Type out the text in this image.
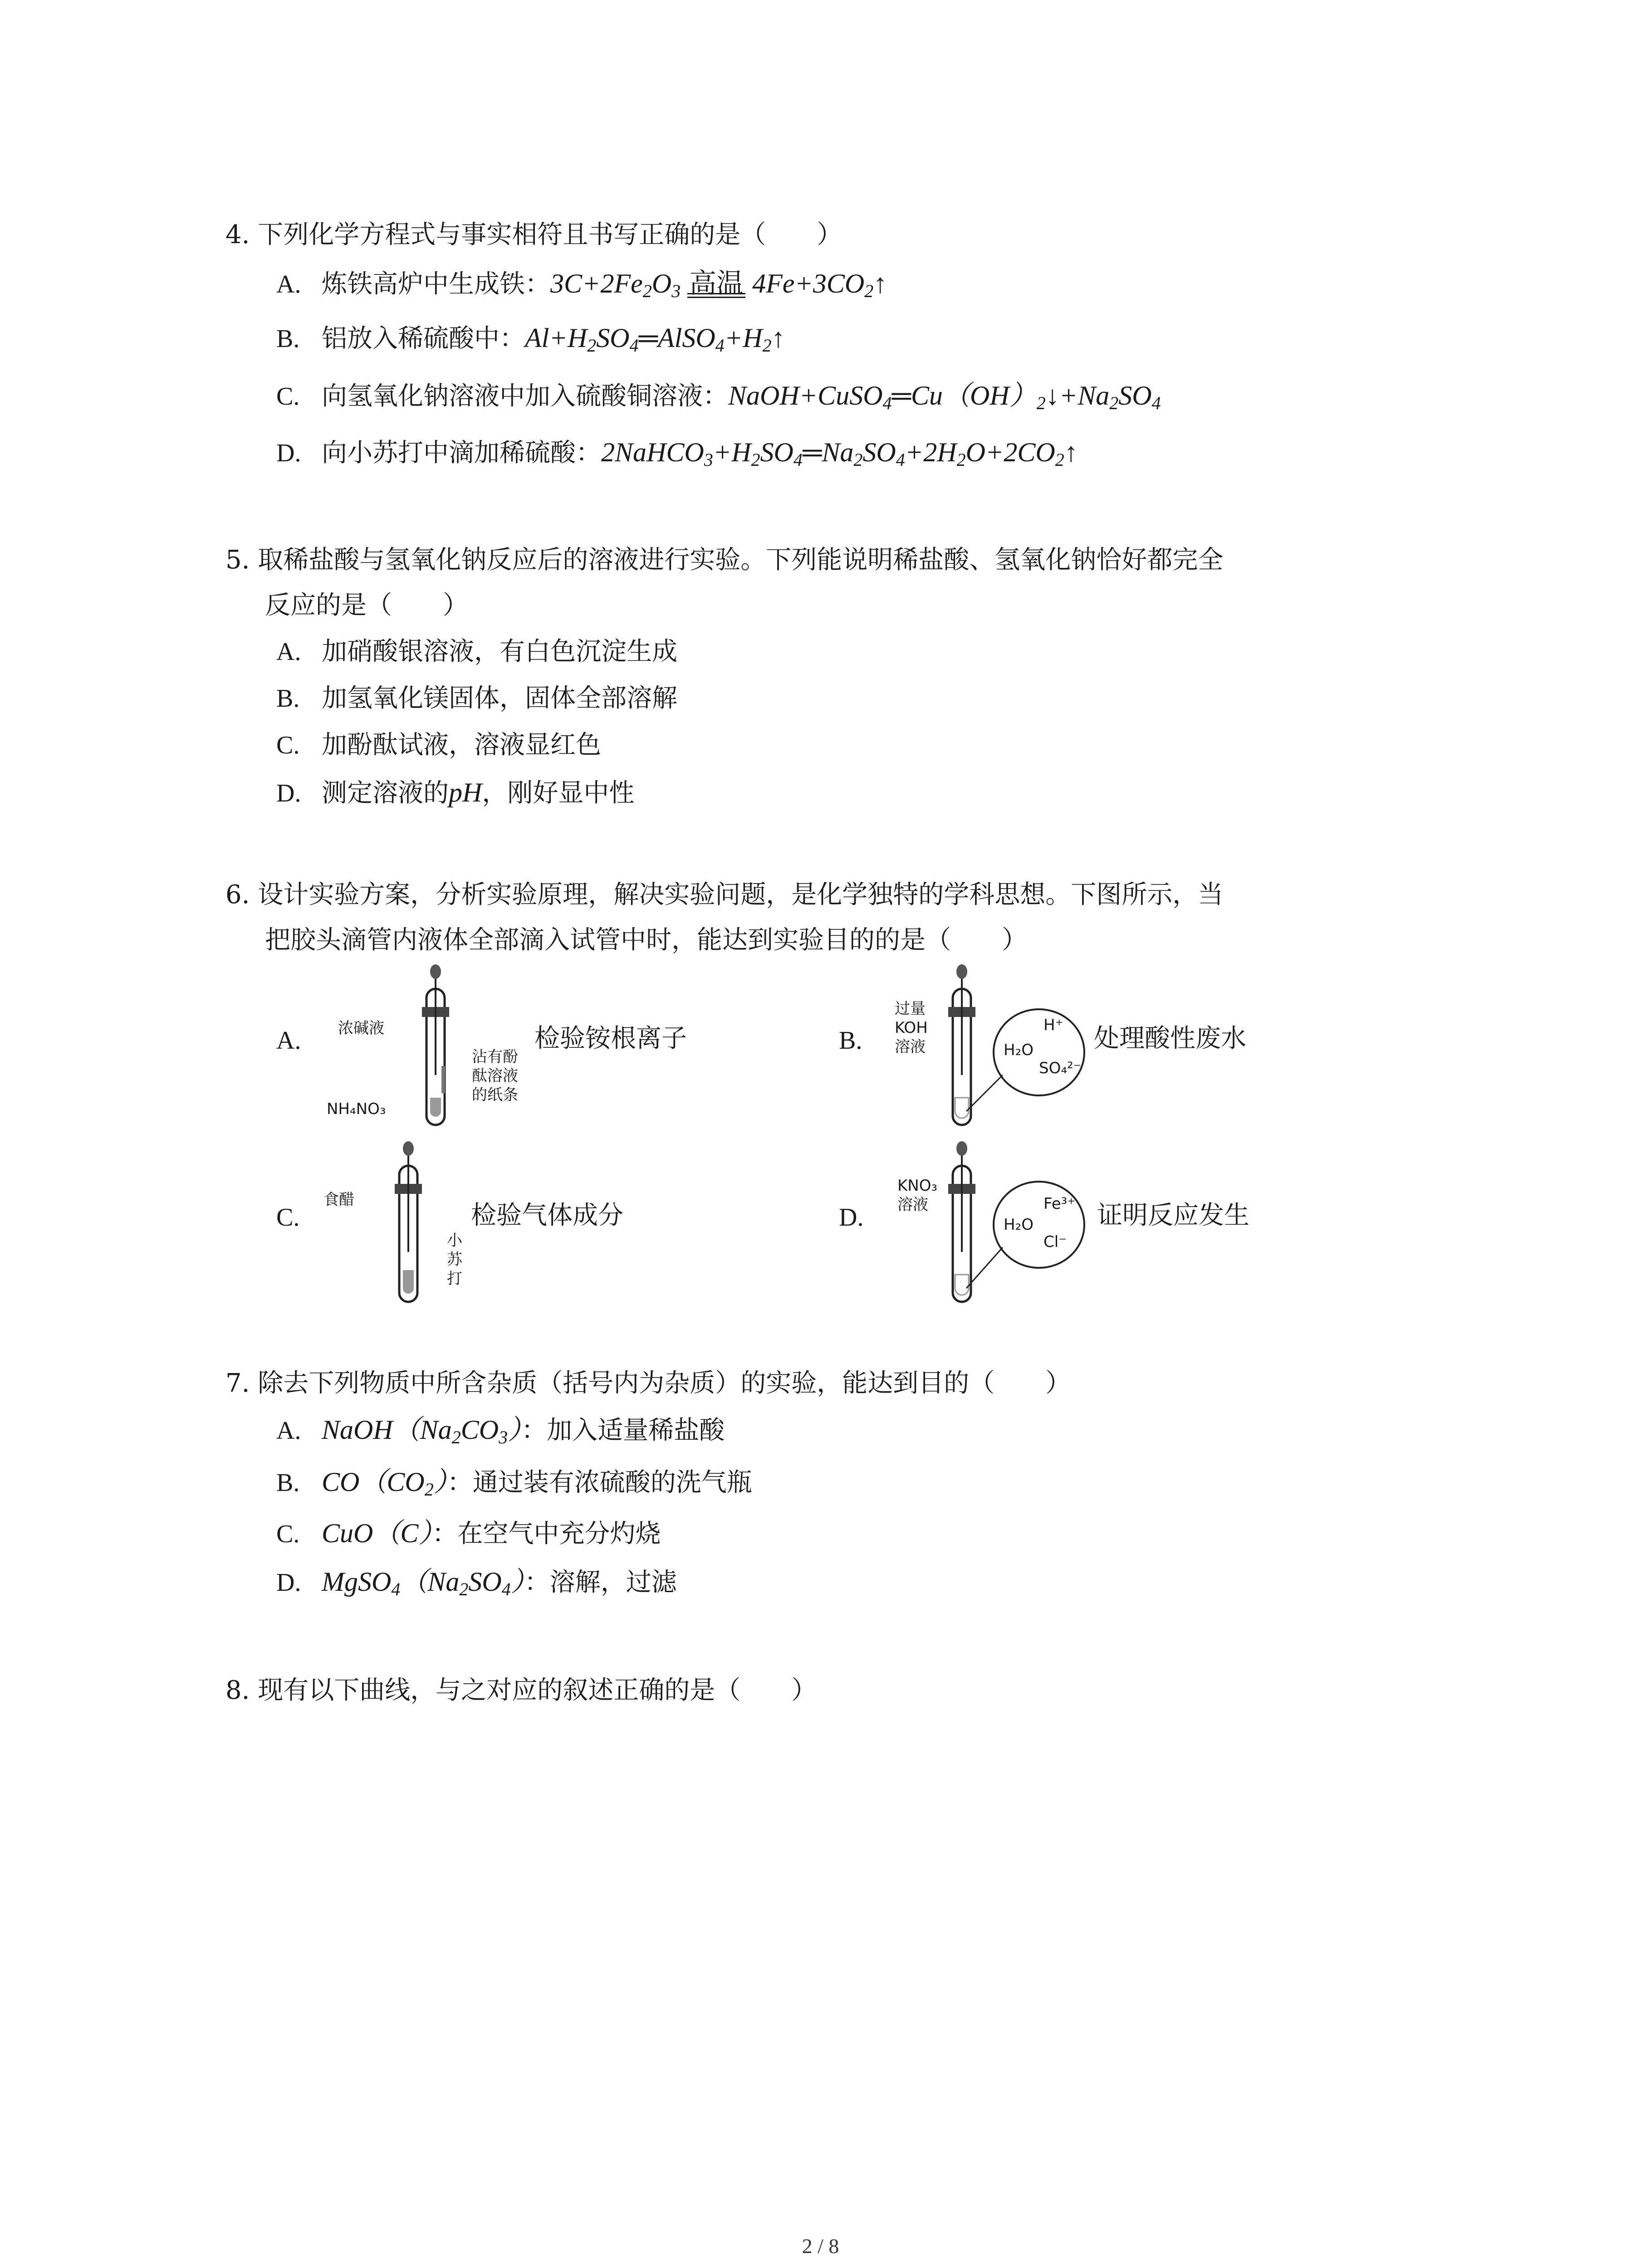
4. 下列化学方程式与事实相符且书写正确的是（　　）
A. 炼铁高炉中生成铁：$3C+2Fe_2O_3$ 高温 $4Fe+3CO_2↑$
B. 铝放入稀硫酸中：$Al+H_2SO_4═AlSO_4+H_2↑$
C. 向氢氧化钠溶液中加入硫酸铜溶液：$NaOH+CuSO_4═Cu(OH)_2↓+Na_2SO_4$
D. 向小苏打中滴加稀硫酸：$2NaHCO_3+H_2SO_4═Na_2SO_4+2H_2O+2CO_2↑$
5. 取稀盐酸与氢氧化钠反应后的溶液进行实验。下列能说明稀盐酸、氢氧化钠恰好都完全
反应的是（　　）
A. 加硝酸银溶液，有白色沉淀生成
B. 加氢氧化镁固体，固体全部溶解
C. 加酚酞试液，溶液显红色
D. 测定溶液的pH，刚好显中性
6. 设计实验方案，分析实验原理，解决实验问题，是化学独特的学科思想。下图所示，当
把胶头滴管内液体全部滴入试管中时，能达到实验目的的是（　　）
A. 浓碱液
NH₄NO₃
沾有酚
酞溶液
的纸条
检验铵根离子	B.
过量
KOH
溶液
H⁺
H₂O
SO₄²⁻
处理酸性废水
C.
食醋
小
苏
打
检验气体成分	D.
KNO₃
溶液	Fe³⁺
H₂O
Cl⁻
证明反应发生
7. 除去下列物质中所含杂质（括号内为杂质）的实验，能达到目的（　　）
A. $NaOH(Na_2CO_3)$：加入适量稀盐酸
B. $CO(CO_2)$：通过装有浓硫酸的洗气瓶
C. CuO（C）：在空气中充分灼烧
D. $MgSO_4(Na_2SO_4)$：溶解，过滤
8. 现有以下曲线，与之对应的叙述正确的是（　　）
2 / 8
